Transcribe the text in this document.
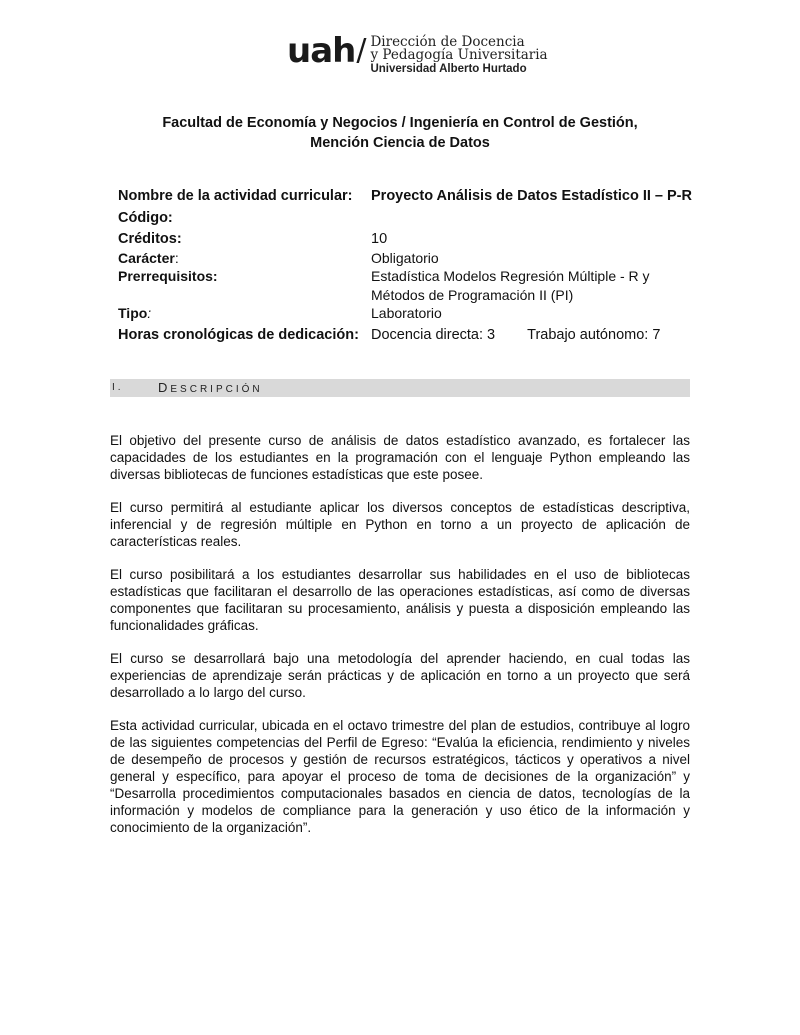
uah / Dirección de Docencia
y Pedagogía Universitaria
Universidad Alberto Hurtado
Facultad de Economía y Negocios / Ingeniería en Control de Gestión,
Mención Ciencia de Datos
Nombre de la actividad curricular:	Proyecto Análisis de Datos Estadístico II – P-R
Código:
Créditos:	10
Carácter:	Obligatorio
Prerrequisitos:	Estadística Modelos Regresión Múltiple - R y
Métodos de Programación II (PI)
Tipo:	Laboratorio
Horas cronológicas de dedicación: Docencia directa: 3 Trabajo autónomo: 7
I.	DESCRIPCIÓN

El objetivo del presente curso de análisis de datos estadístico avanzado, es fortalecer las capacidades de los estudiantes en la programación con el lenguaje Python empleando las diversas bibliotecas de funciones estadísticas que este posee.

El curso permitirá al estudiante aplicar los diversos conceptos de estadísticas descriptiva, inferencial y de regresión múltiple en Python en torno a un proyecto de aplicación de características reales.

El curso posibilitará a los estudiantes desarrollar sus habilidades en el uso de bibliotecas estadísticas que facilitaran el desarrollo de las operaciones estadísticas, así como de diversas componentes que facilitaran su procesamiento, análisis y puesta a disposición empleando las funcionalidades gráficas.

El curso se desarrollará bajo una metodología del aprender haciendo, en cual todas las experiencias de aprendizaje serán prácticas y de aplicación en torno a un proyecto que será desarrollado a lo largo del curso.

Esta actividad curricular, ubicada en el octavo trimestre del plan de estudios, contribuye al logro de las siguientes competencias del Perfil de Egreso: “Evalúa la eficiencia, rendimiento y niveles de desempeño de procesos y gestión de recursos estratégicos, tácticos y operativos a nivel general y específico, para apoyar el proceso de toma de decisiones de la organización” y “Desarrolla procedimientos computacionales basados en ciencia de datos, tecnologías de la información y modelos de compliance para la generación y uso ético de la información y conocimiento de la organización”.
